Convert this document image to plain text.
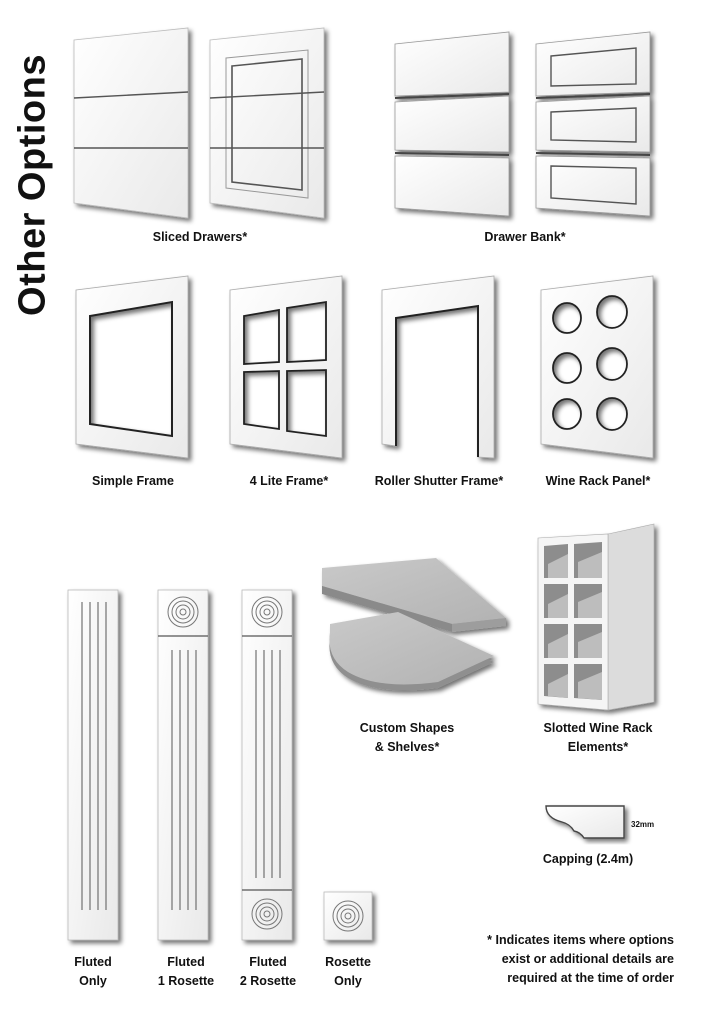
Other Options	Sliced Drawers*	Drawer Bank*
Simple Frame	4 Lite Frame*	Roller Shutter Frame*	Wine Rack Panel*
Custom Shapes
& Shelves*
Slotted Wine Rack
Elements*
32mm
Capping (2.4m)
Fluted
Only
Fluted
1 Rosette
Fluted
2 Rosette
Rosette
Only
* Indicates items where options
exist or additional details are
required at the time of order
